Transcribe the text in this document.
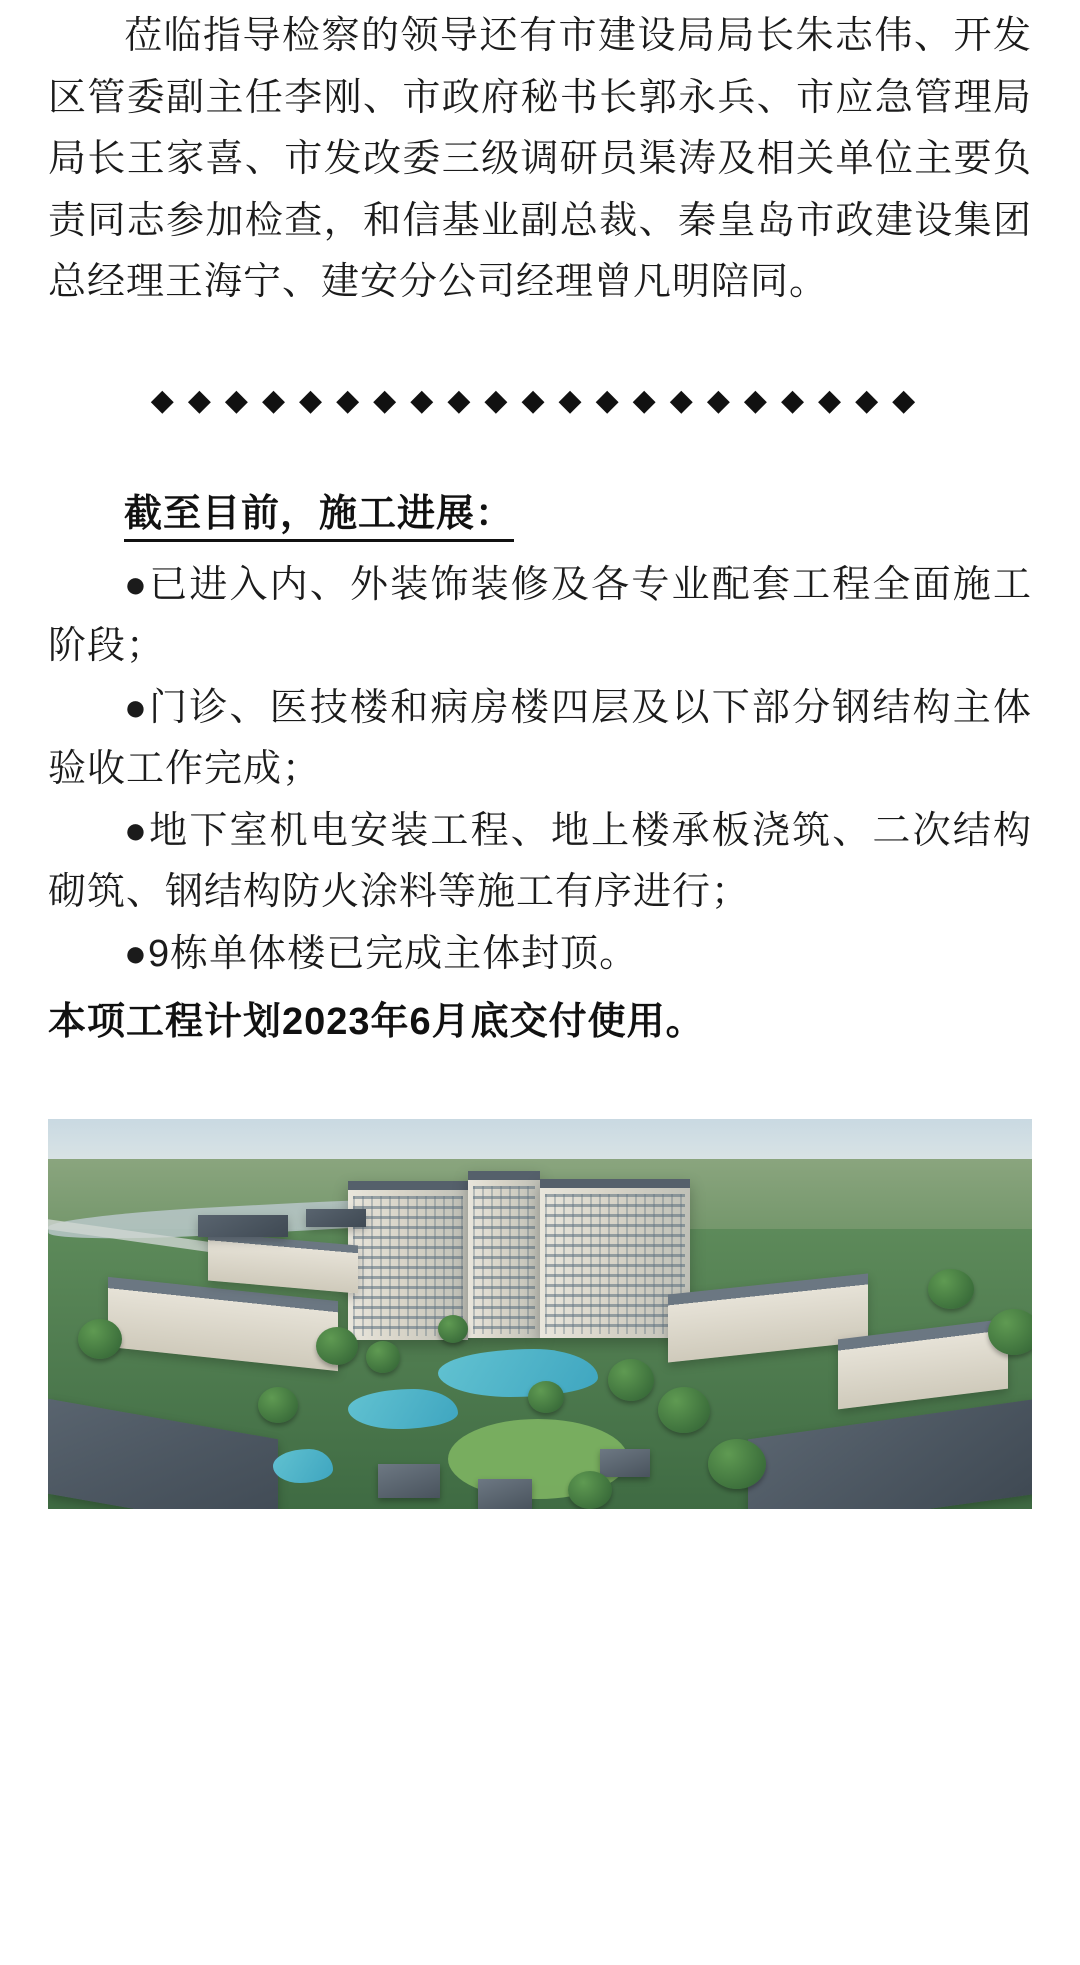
莅临指导检察的领导还有市建设局局长朱志伟、开发区管委副主任李刚、市政府秘书长郭永兵、市应急管理局局长王家喜、市发改委三级调研员渠涛及相关单位主要负责同志参加检查，和信基业副总裁、秦皇岛市政建设集团总经理王海宁、建安分公司经理曾凡明陪同。

◆◆◆◆◆◆◆◆◆◆◆◆◆◆◆◆◆◆◆◆◆
截至目前，施工进展：

●已进入内、外装饰装修及各专业配套工程全面施工阶段；

●门诊、医技楼和病房楼四层及以下部分钢结构主体验收工作完成；

●地下室机电安装工程、地上楼承板浇筑、二次结构砌筑、钢结构防火涂料等施工有序进行；

●9栋单体楼已完成主体封顶。

本项工程计划2023年6月底交付使用。
